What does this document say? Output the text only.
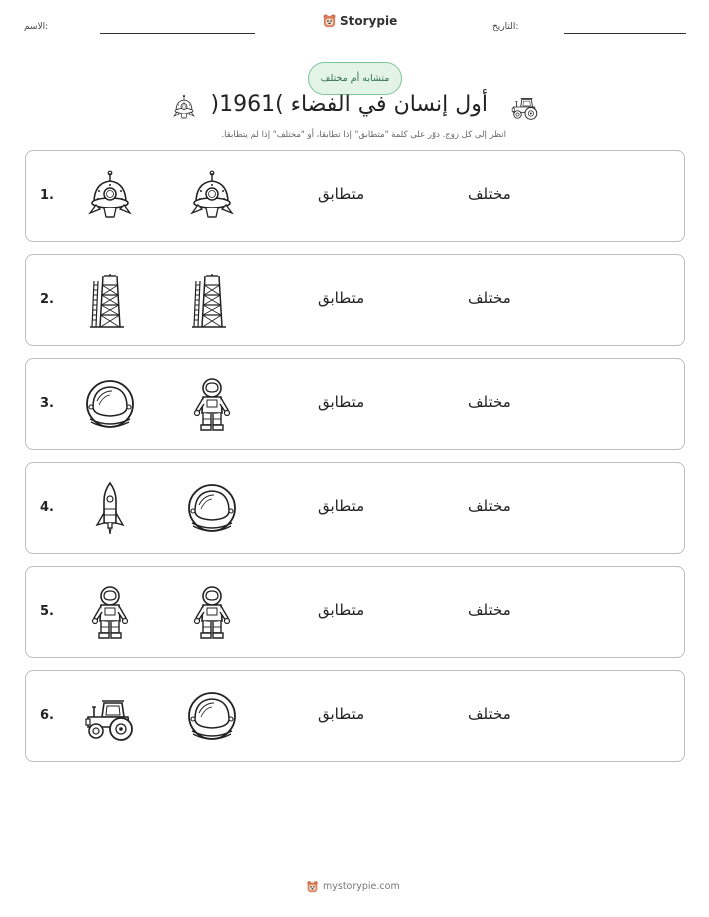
الاسم:	Storypie	التاريخ:
متشابه أم مختلف
أول إنسان في الفضاء )1961(
انظر إلى كل زوج. دوّر على كلمة "متطابق" إذا تطابقا، أو "مختلف" إذا لم يتطابقا.
1.	متطابق	مختلف
2.	متطابق	مختلف
3.	متطابق	مختلف
4.	متطابق	مختلف
5.	متطابق	مختلف
6.	متطابق	مختلف
mystorypie.com
